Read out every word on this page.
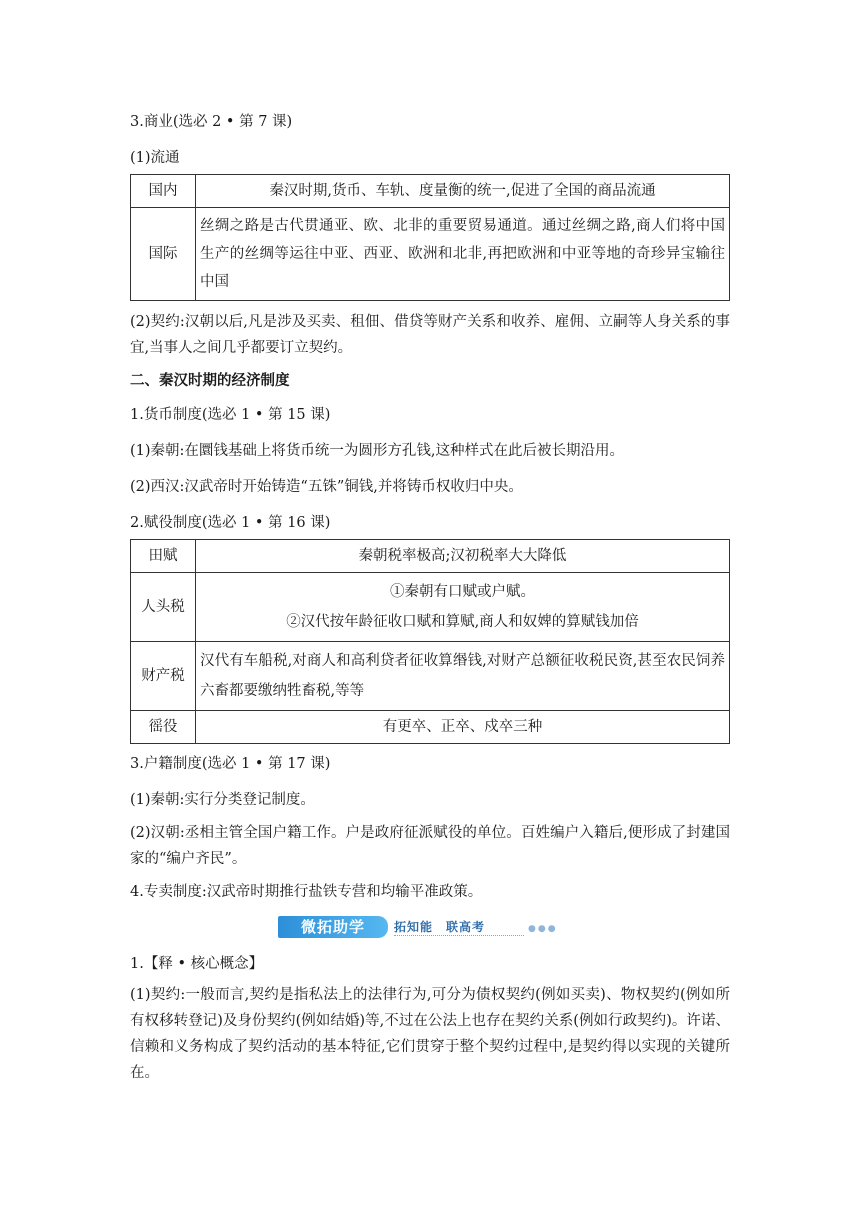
3.商业(选必 2 • 第 7 课)

(1)流通

国内	秦汉时期,货币、车轨、度量衡的统一,促进了全国的商品流通
国际	丝绸之路是古代贯通亚、欧、北非的重要贸易通道。通过丝绸之路,商人们将中国生产的丝绸等运往中亚、西亚、欧洲和北非,再把欧洲和中亚等地的奇珍异宝输往中国

(2)契约:汉朝以后,凡是涉及买卖、租佃、借贷等财产关系和收养、雇佣、立嗣等人身关系的事宜,当事人之间几乎都要订立契约。

二、秦汉时期的经济制度

1.货币制度(选必 1 • 第 15 课)

(1)秦朝:在圜钱基础上将货币统一为圆形方孔钱,这种样式在此后被长期沿用。

(2)西汉:汉武帝时开始铸造“五铢”铜钱,并将铸币权收归中央。

2.赋役制度(选必 1 • 第 16 课)

田赋	秦朝税率极高;汉初税率大大降低
人头税	①秦朝有口赋或户赋。
②汉代按年龄征收口赋和算赋,商人和奴婢的算赋钱加倍

财产税	汉代有车船税,对商人和高利贷者征收算缗钱,对财产总额征收税民资,甚至农民饲养六畜都要缴纳牲畜税,等等
徭役	有更卒、正卒、戍卒三种

3.户籍制度(选必 1 • 第 17 课)

(1)秦朝:实行分类登记制度。

(2)汉朝:丞相主管全国户籍工作。户是政府征派赋役的单位。百姓编户入籍后,便形成了封建国家的“编户齐民”。

4.专卖制度:汉武帝时期推行盐铁专营和均输平准政策。

微拓助学	拓知能　联高考	●●●

1.【释 • 核心概念】

(1)契约:一般而言,契约是指私法上的法律行为,可分为债权契约(例如买卖)、物权契约(例如所有权移转登记)及身份契约(例如结婚)等,不过在公法上也存在契约关系(例如行政契约)。许诺、信赖和义务构成了契约活动的基本特征,它们贯穿于整个契约过程中,是契约得以实现的关键所在。
